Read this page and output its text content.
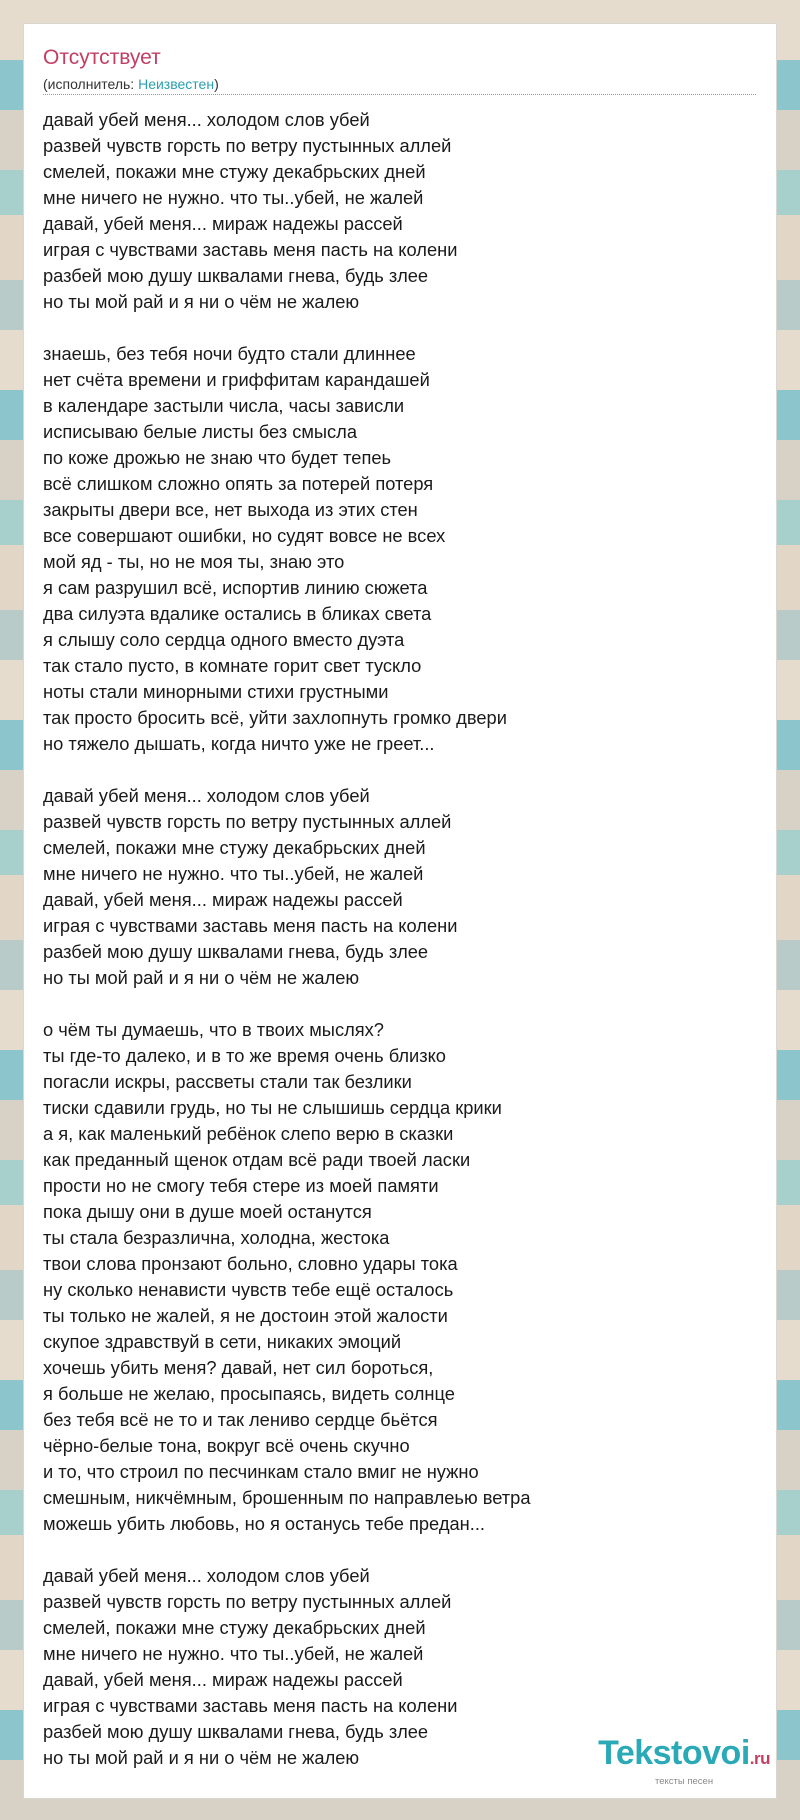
Отсутствует
(исполнитель: Неизвестен)
давай убей меня... холодом слов убей
развей чувств горсть по ветру пустынных аллей
смелей, покажи мне стужу декабрьских дней
мне ничего не нужно. что ты..убей, не жалей
давай, убей меня... мираж надежы рассей
играя с чувствами заставь меня пасть на колени
разбей мою душу шквалами гнева, будь злее
но ты мой рай и я ни о чём не жалею
знаешь, без тебя ночи будто стали длиннее
нет счёта времени и гриффитам карандашей
в календаре застыли числа, часы зависли
исписываю белые листы без смысла
по коже дрожью не знаю что будет тепеь
всё слишком сложно опять за потерей потеря
закрыты двери все, нет выхода из этих стен
все совершают ошибки, но судят вовсе не всех
мой яд - ты, но не моя ты, знаю это
я сам разрушил всё, испортив линию сюжета
два силуэта вдалике остались в бликах света
я слышу соло сердца одного вместо дуэта
так стало пусто, в комнате горит свет тускло
ноты стали минорными стихи грустными
так просто бросить всё, уйти захлопнуть громко двери
но тяжело дышать, когда ничто уже не греет...
давай убей меня... холодом слов убей
развей чувств горсть по ветру пустынных аллей
смелей, покажи мне стужу декабрьских дней
мне ничего не нужно. что ты..убей, не жалей
давай, убей меня... мираж надежы рассей
играя с чувствами заставь меня пасть на колени
разбей мою душу шквалами гнева, будь злее
но ты мой рай и я ни о чём не жалею
о чём ты думаешь, что в твоих мыслях?
ты где-то далеко, и в то же время очень близко
погасли искры, рассветы стали так безлики
тиски сдавили грудь, но ты не слышишь сердца крики
а я, как маленький ребёнок слепо верю в сказки
как преданный щенок отдам всё ради твоей ласки
прости но не смогу тебя стере из моей памяти
пока дышу они в душе моей останутся
ты стала безразлична, холодна, жестока
твои слова пронзают больно, словно удары тока
ну сколько ненависти чувств тебе ещё осталось
ты только не жалей, я не достоин этой жалости
скупое здравствуй в сети, никаких эмоций
хочешь убить меня? давай, нет сил бороться,
я больше не желаю, просыпаясь, видеть солнце
без тебя всё не то и так лениво сердце бьётся
чёрно-белые тона, вокруг всё очень скучно
и то, что строил по песчинкам стало вмиг не нужно
смешным, никчёмным, брошенным по направлеью ветра
можешь убить любовь, но я останусь тебе предан...
давай убей меня... холодом слов убей
развей чувств горсть по ветру пустынных аллей
смелей, покажи мне стужу декабрьских дней
мне ничего не нужно. что ты..убей, не жалей
давай, убей меня... мираж надежы рассей
играя с чувствами заставь меня пасть на колени
разбей мою душу шквалами гнева, будь злее
но ты мой рай и я ни о чём не жалею	Tekstovoi.ru
тексты песен
